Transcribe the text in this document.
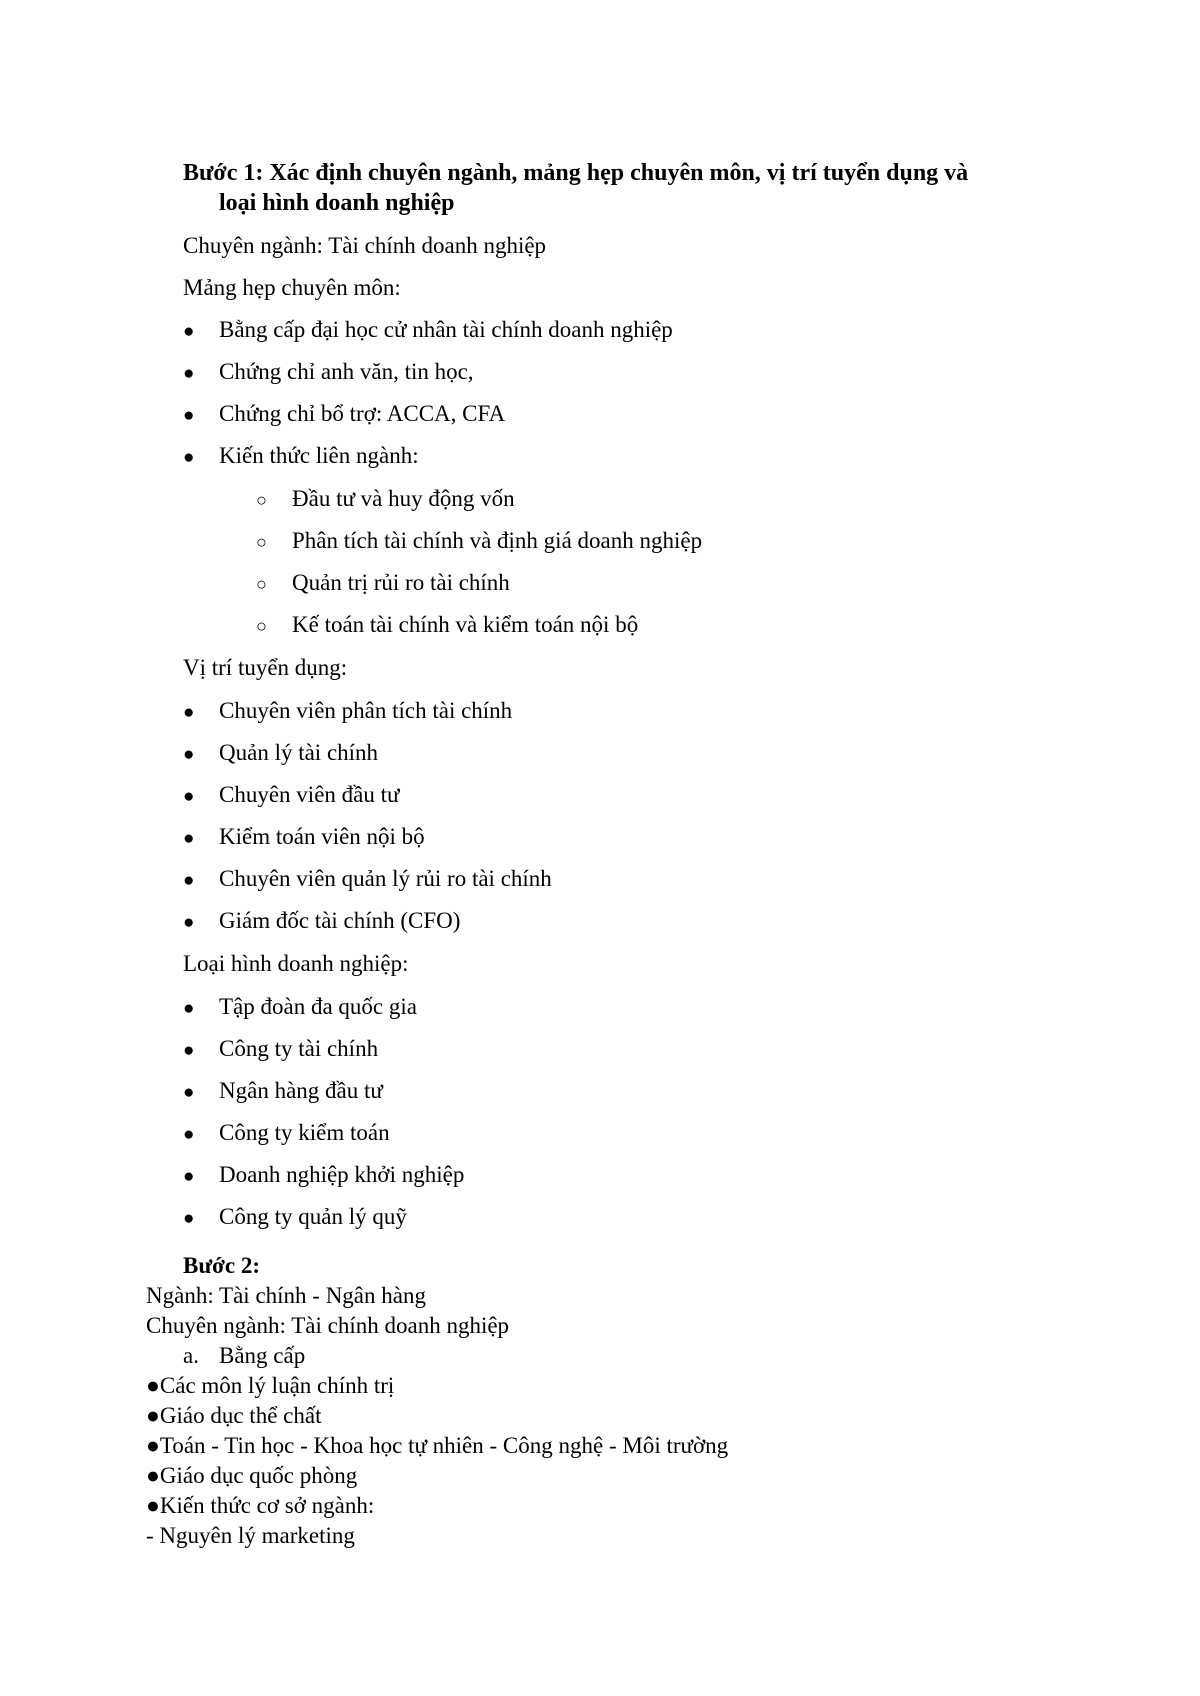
Bước 1: Xác định chuyên ngành, mảng hẹp chuyên môn, vị trí tuyển dụng và
loại hình doanh nghiệp
Chuyên ngành: Tài chính doanh nghiệp
Mảng hẹp chuyên môn:
● Bằng cấp đại học cử nhân tài chính doanh nghiệp
● Chứng chỉ anh văn, tin học,
● Chứng chỉ bổ trợ: ACCA, CFA
● Kiến thức liên ngành:
○ Đầu tư và huy động vốn
○ Phân tích tài chính và định giá doanh nghiệp
○ Quản trị rủi ro tài chính
○ Kế toán tài chính và kiểm toán nội bộ
Vị trí tuyển dụng:
● Chuyên viên phân tích tài chính
● Quản lý tài chính
● Chuyên viên đầu tư
● Kiểm toán viên nội bộ
● Chuyên viên quản lý rủi ro tài chính
● Giám đốc tài chính (CFO)
Loại hình doanh nghiệp:
● Tập đoàn đa quốc gia
● Công ty tài chính
● Ngân hàng đầu tư
● Công ty kiểm toán
● Doanh nghiệp khởi nghiệp
● Công ty quản lý quỹ
Bước 2:
Ngành: Tài chính - Ngân hàng
Chuyên ngành: Tài chính doanh nghiệp
a. Bằng cấp
●Các môn lý luận chính trị
●Giáo dục thể chất
●Toán - Tin học - Khoa học tự nhiên - Công nghệ - Môi trường
●Giáo dục quốc phòng
●Kiến thức cơ sở ngành:
- Nguyên lý marketing
